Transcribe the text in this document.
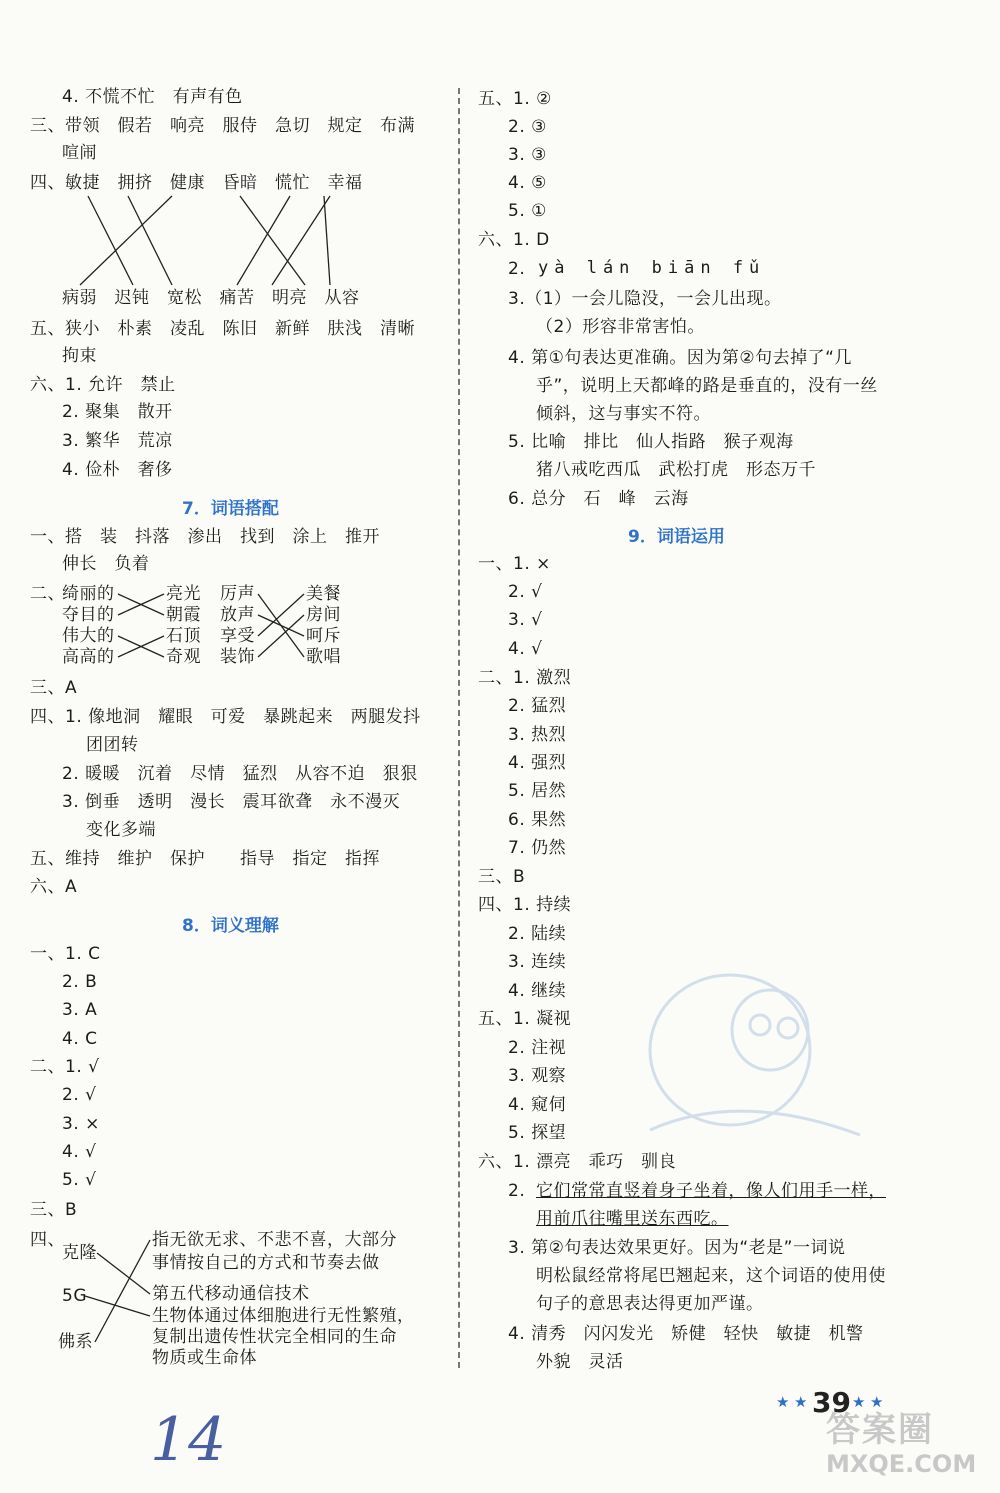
4. 不慌不忙　有声有色
三、带领　假若　响亮　服侍　急切　规定　布满
喧闹
四、敏捷　拥挤　健康　昏暗　慌忙　幸福
病弱　迟钝　宽松　痛苦　明亮　从容
五、狭小　朴素　凌乱　陈旧　新鲜　肤浅　清晰
拘束
六、1. 允许　禁止
2. 聚集　散开
3. 繁华　荒凉
4. 俭朴　奢侈
7．词语搭配
一、搭　装　抖落　渗出　找到　涂上　推开
伸长　负着
二、
绮丽的
夺目的
伟大的
高高的
亮光
朝霞
石顶
奇观
厉声
放声
享受
装饰
美餐
房间
呵斥
歌唱
三、A
四、1. 像地洞　耀眼　可爱　暴跳起来　两腿发抖
团团转
2. 暖暖　沉着　尽情　猛烈　从容不迫　狠狠
3. 倒垂　透明　漫长　震耳欲聋　永不漫灭
变化多端
五、维持　维护　保护　　指导　指定　指挥
六、A
8．词义理解
一、1. C
2. B
3. A
4. C
二、1. √
2. √
3. ×
4. √
5. √
三、B
四、
克隆
5G
佛系
指无欲无求、不悲不喜，大部分
事情按自己的方式和节奏去做
第五代移动通信技术
生物体通过体细胞进行无性繁殖，
复制出遗传性状完全相同的生命
物质或生命体
五、1. ②
2. ③
3. ③
4. ⑤
5. ①
六、1. D
2. yà lán biān fǔ
3.（1）一会儿隐没，一会儿出现。
（2）形容非常害怕。
4. 第①句表达更准确。因为第②句去掉了“几
乎”，说明上天都峰的路是垂直的，没有一丝
倾斜，这与事实不符。
5. 比喻　排比　仙人指路　猴子观海
猪八戒吃西瓜　武松打虎　形态万千
6. 总分　石　峰　云海
9．词语运用
一、1. ×
2. √
3. √
4. √
二、1. 激烈
2. 猛烈
3. 热烈
4. 强烈
5. 居然
6. 果然
7. 仍然
三、B
四、1. 持续
2. 陆续
3. 连续
4. 继续
五、1. 凝视
2. 注视
3. 观察
4. 窥伺
5. 探望
六、1. 漂亮　乖巧　驯良
2. 它们常常直竖着身子坐着，像人们用手一样，
用前爪往嘴里送东西吃。
3. 第②句表达效果更好。因为“老是”一词说
明松鼠经常将尾巴翘起来，这个词语的使用使
句子的意思表达得更加严谨。
4. 清秀　闪闪发光　矫健　轻快　敏捷　机警
外貌　灵活
★ ★ 39 ★ ★
14	答案圈
MXQE.COM
